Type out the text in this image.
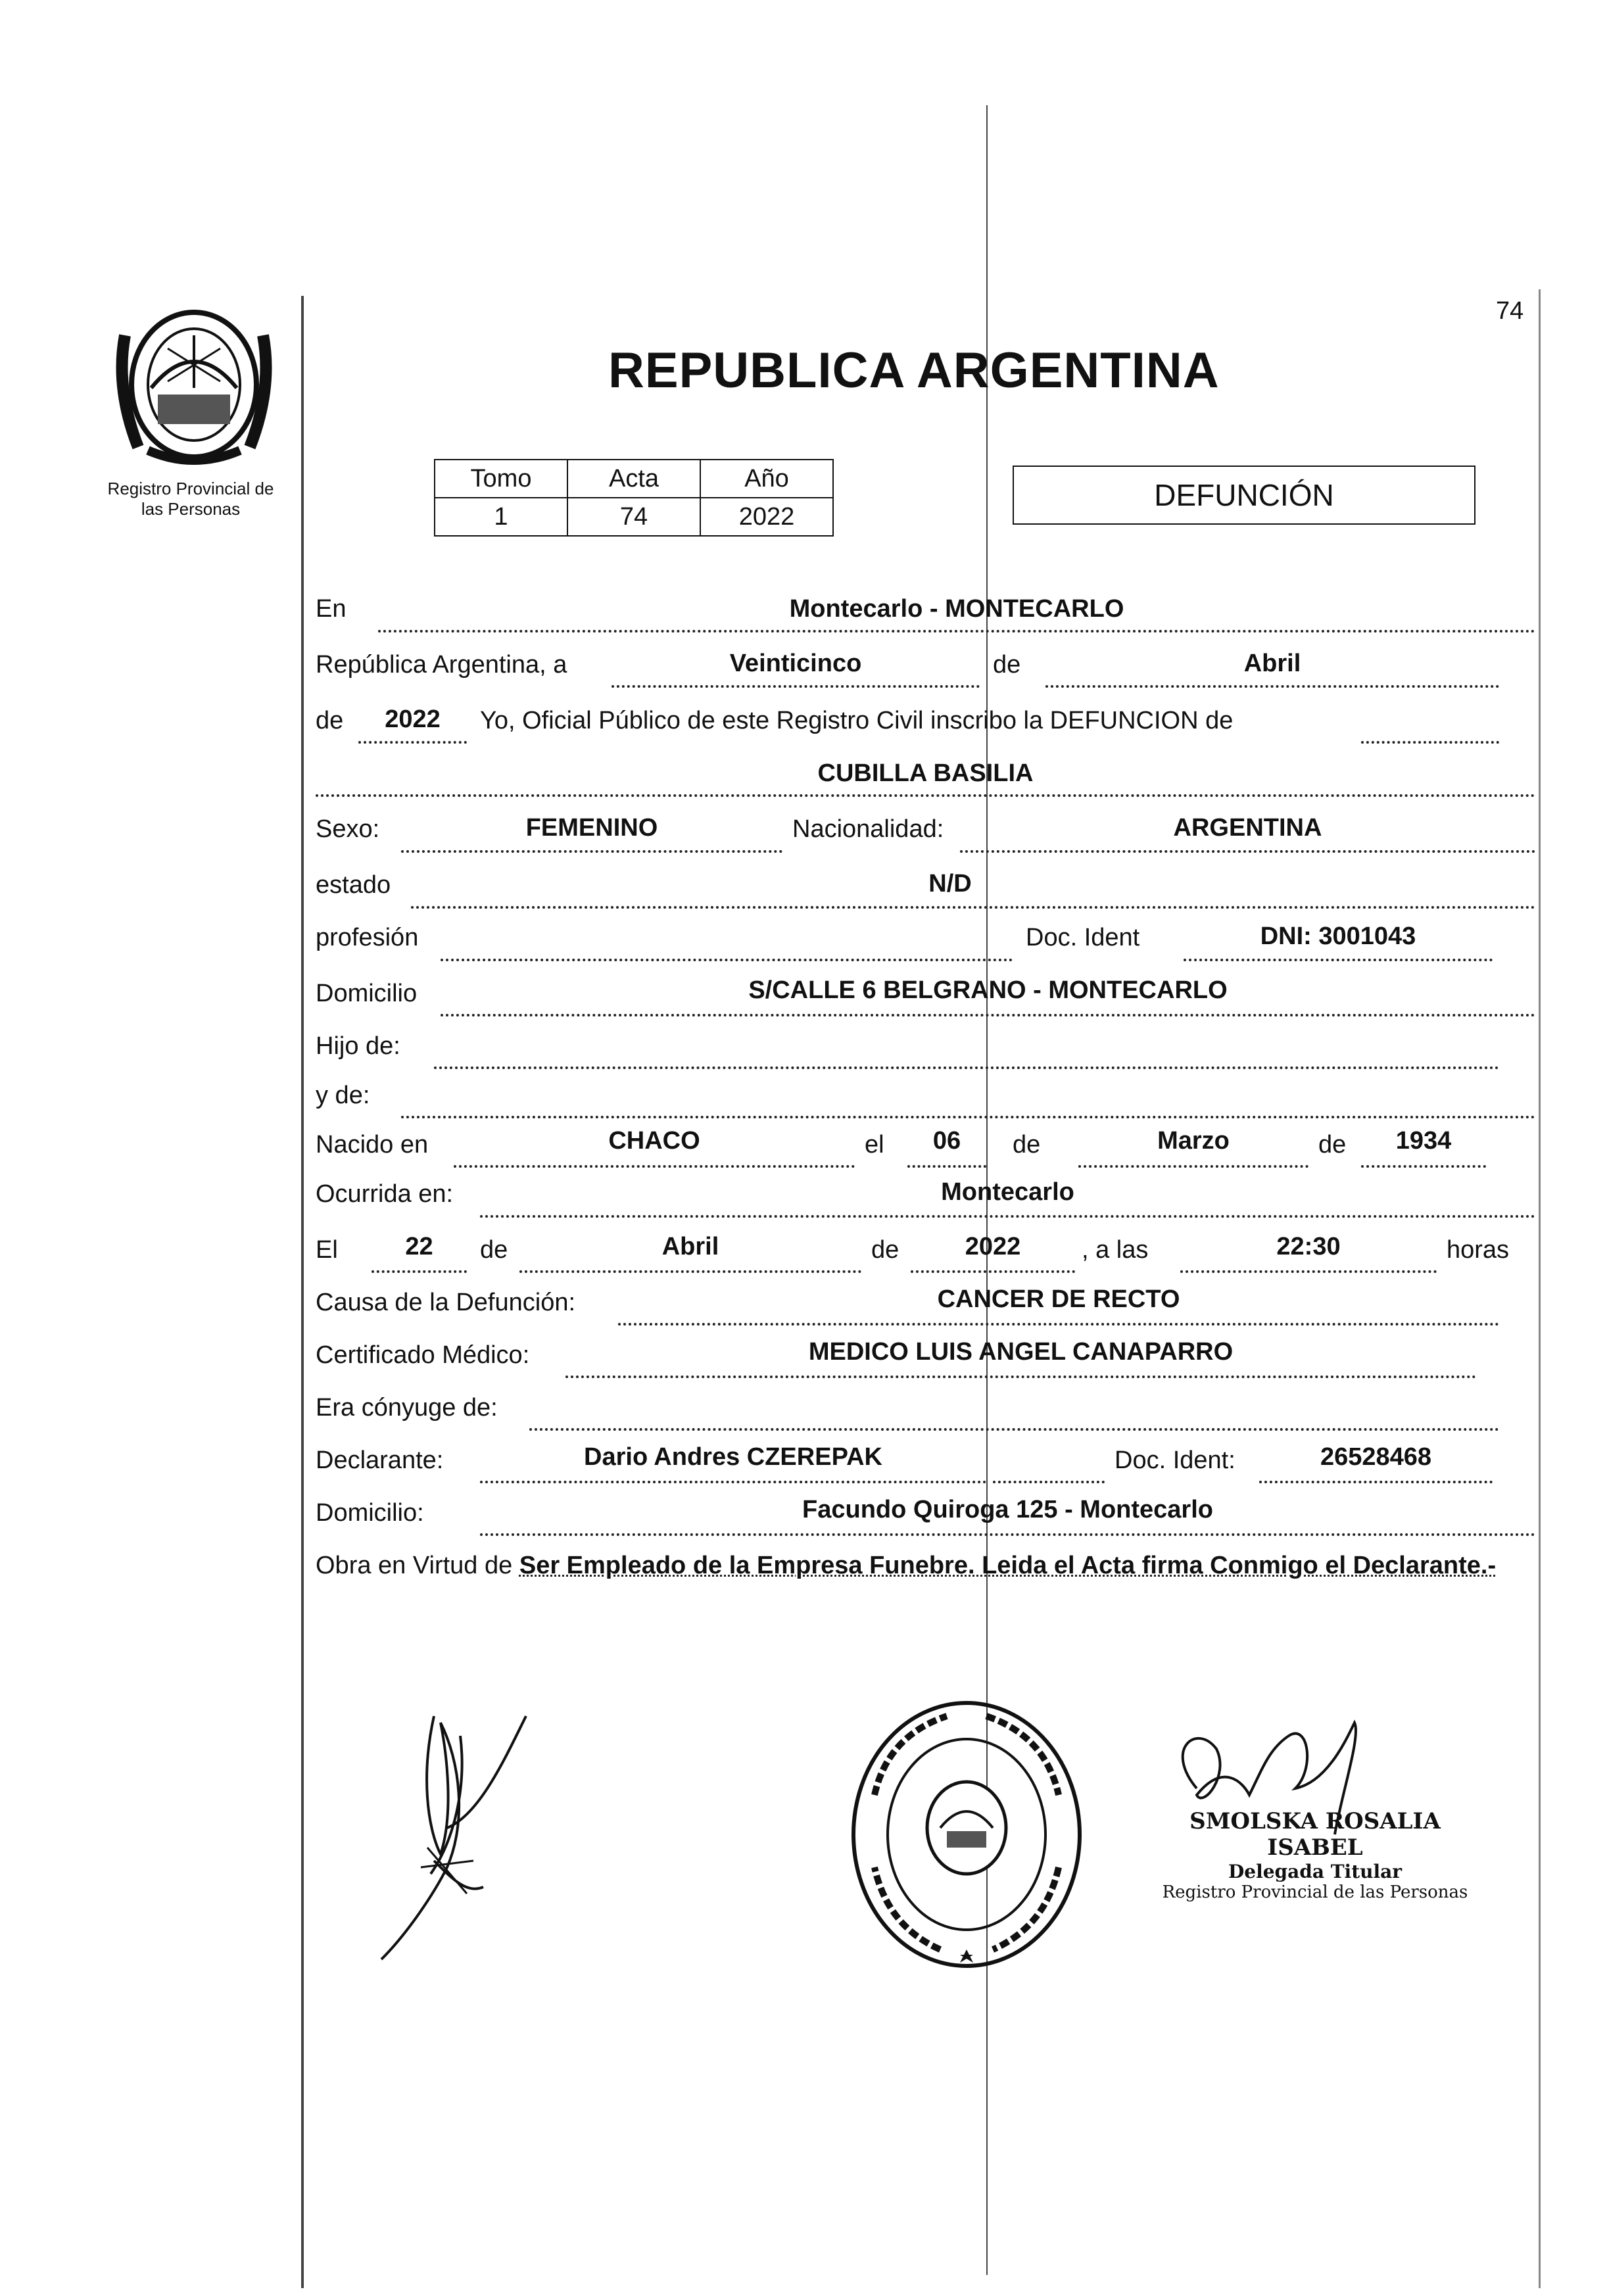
74
Registro Provincial de
las Personas
REPUBLICA ARGENTINA
Tomo	Acta	Año
1	74	2022
DEFUNCIÓN
En	Montecarlo - MONTECARLO
República Argentina, a	Veinticinco	de	Abril
de	2022	Yo, Oficial Público de este Registro Civil inscribo la DEFUNCION de
CUBILLA BASILIA
Sexo:	FEMENINO	Nacionalidad:	ARGENTINA
estado	N/D
profesión	Doc. Ident	DNI: 3001043
Domicilio	S/CALLE 6 BELGRANO - MONTECARLO
Hijo de:
y de:
Nacido en	CHACO	el	06	de	Marzo	de	1934
Ocurrida en:	Montecarlo
El	22	de	Abril	de	2022	, a las	22:30	horas
Causa de la Defunción:	CANCER DE RECTO
Certificado Médico:	MEDICO LUIS ANGEL CANAPARRO
Era cónyuge de:
Declarante:	Dario Andres CZEREPAK	Doc. Ident:	26528468
Domicilio:	Facundo Quiroga 125 - Montecarlo
Obra en Virtud de Ser Empleado de la Empresa Funebre. Leida el Acta firma Conmigo el Declarante.-
SMOLSKA ROSALIA ISABEL
Delegada Titular
Registro Provincial de las Personas
